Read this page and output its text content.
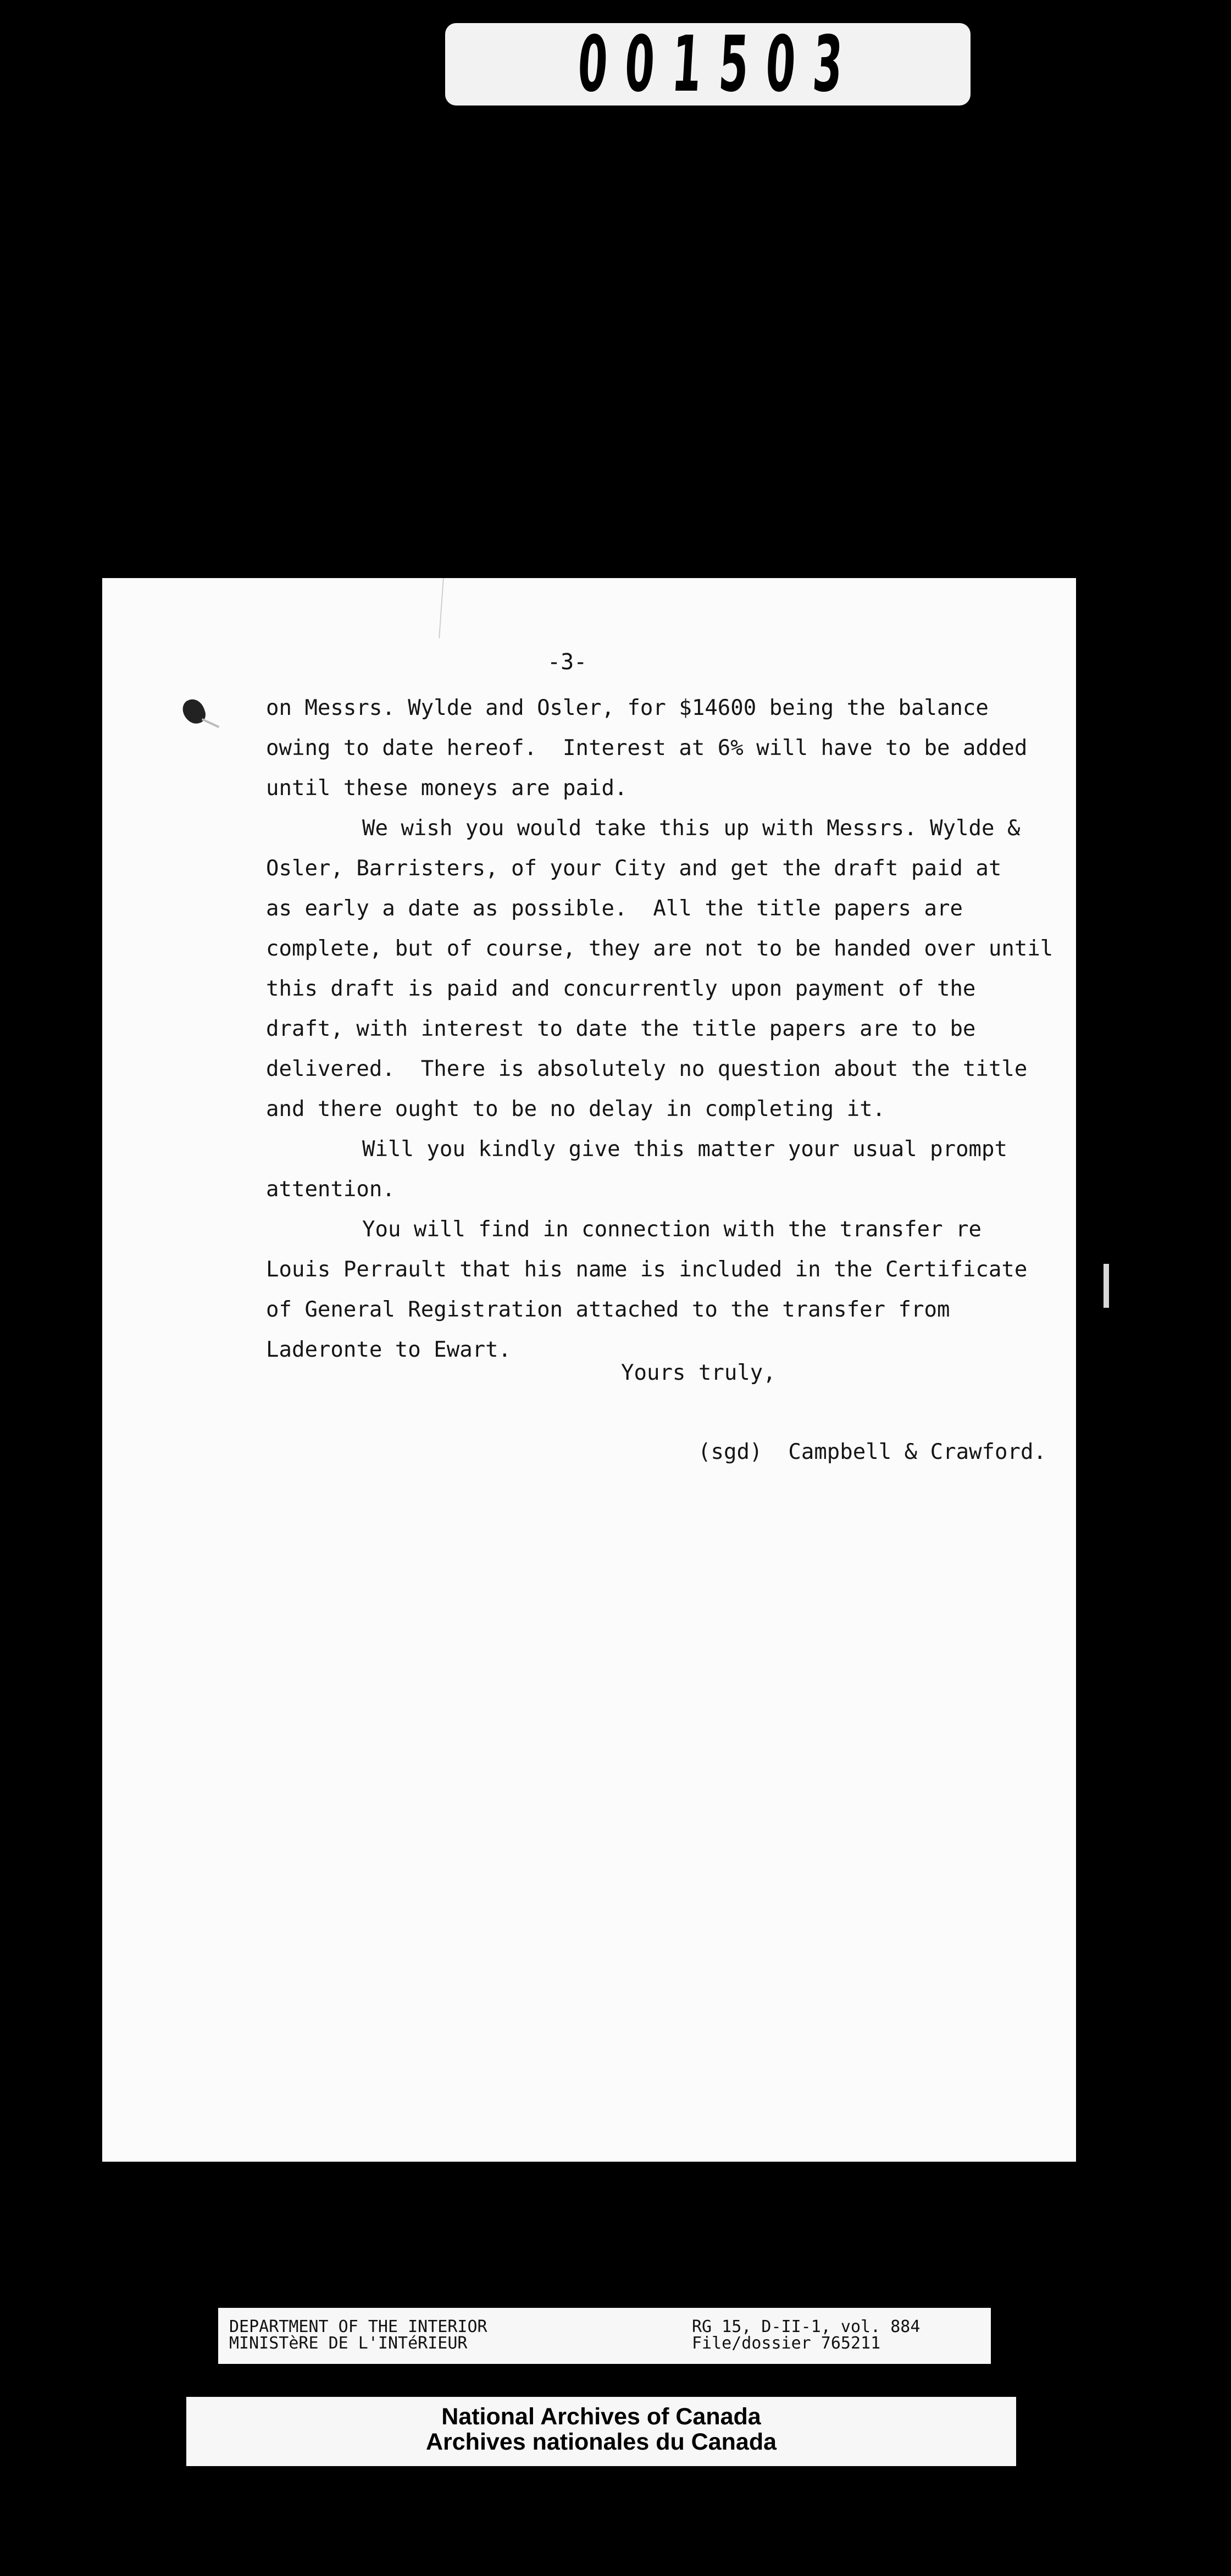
001503
-3-
on Messrs. Wylde and Osler, for $14600 being the balance
owing to date hereof.  Interest at 6% will have to be added
until these moneys are paid.
We wish you would take this up with Messrs. Wylde &
Osler, Barristers, of your City and get the draft paid at
as early a date as possible.  All the title papers are
complete, but of course, they are not to be handed over until
this draft is paid and concurrently upon payment of the
draft, with interest to date the title papers are to be
delivered.  There is absolutely no question about the title
and there ought to be no delay in completing it.
Will you kindly give this matter your usual prompt
attention.
You will find in connection with the transfer re
Louis Perrault that his name is included in the Certificate
of General Registration attached to the transfer from
Laderonte to Ewart.
Yours truly,
(sgd)  Campbell & Crawford.
DEPARTMENT OF THE INTERIOR
MINISTèRE DE L'INTéRIEUR
RG 15, D-II-1, vol. 884
File/dossier 765211
National Archives of Canada
Archives nationales du Canada
